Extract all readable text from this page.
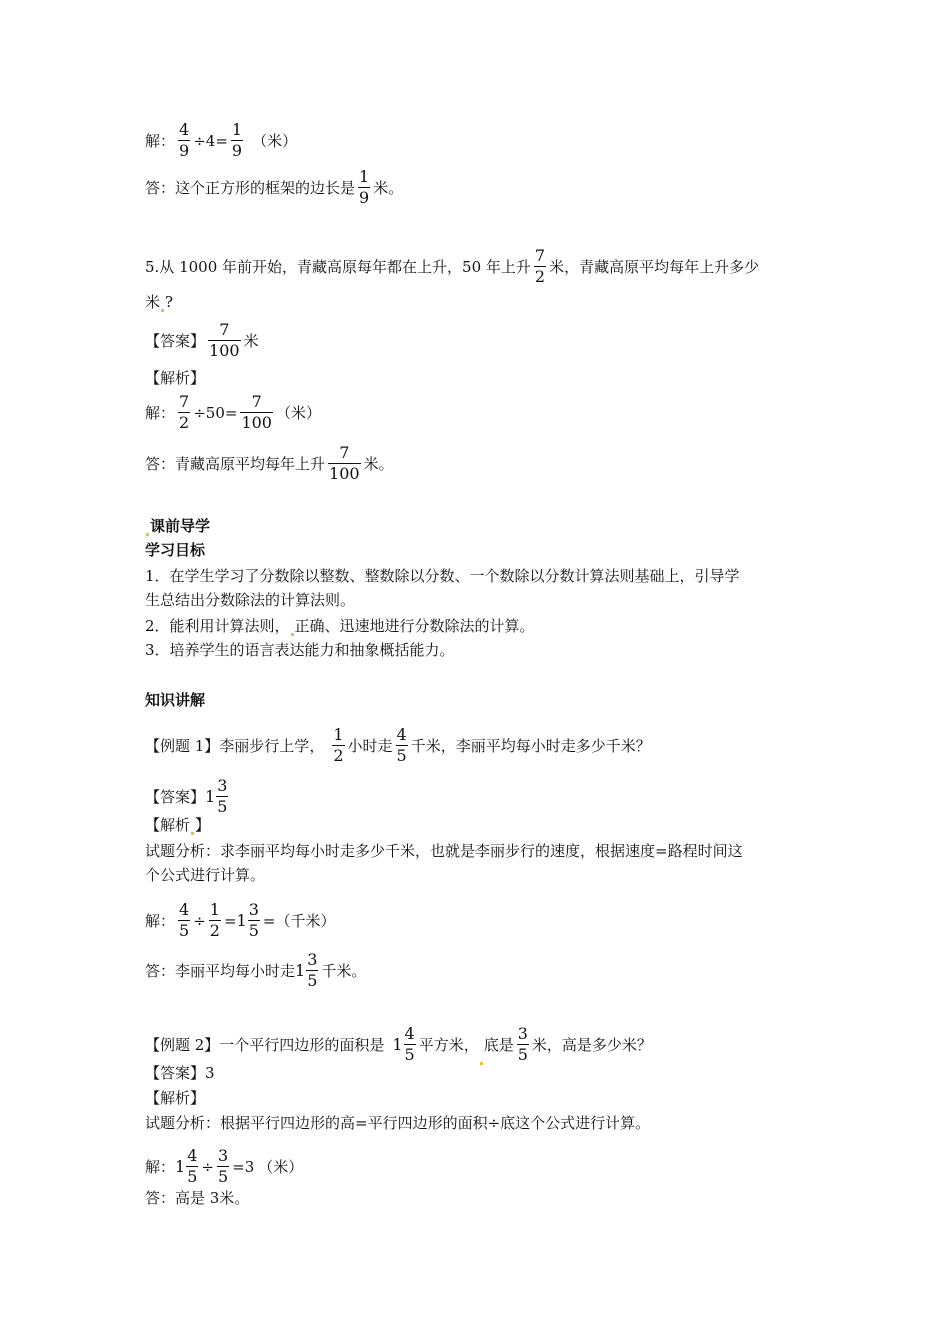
解： $\frac{4}{9} \div 4= \frac{1}{9}$ （米）
答：这个正方形的框架的边长是 $\frac{1}{9}$ 米。
5.从 1000 年前开始，青藏高原每年都在上升，50 年上升 $\frac{7}{2}$ 米，青藏高原平均每年上升多少
米 ?
【答案】 $\frac{7}{100}$ 米
【解析】
解： $\frac{7}{2} \div 50= \frac{7}{100}$ （米）
答：青藏高原平均每年上升 $\frac{7}{100}$ 米。
课前导学
学习目标
1．在学生学习了分数除以整数、整数除以分数、一个数除以分数计算法则基础上，引导学
生总结出分数除法的计算法则。
2．能利用计算法则， 正确、迅速地进行分数除法的计算。
3．培养学生的语言表达能力和抽象概括能力。
知识讲解
【例题 1】李丽步行上学， $\frac{1}{2}$ 小时走 $\frac{4}{5}$ 千米，李丽平均每小时走多少千米？
【答案】 $1 \frac{3}{5}$
【解析 】
试题分析：求李丽平均每小时走多少千米，也就是李丽步行的速度，根据速度=路程时间这
个公式进行计算。
解： $\frac{4}{5} \div \frac{1}{2} = 1 \frac{3}{5}$ =（千米）
答：李丽平均每小时走 $1 \frac{3}{5}$ 千米。
【例题 2】一个平行四边形的面积是 $1 \frac{4}{5}$ 平方米， 底是 $\frac{3}{5}$ 米，高是多少米？
【答案】 3
【解析】
试题分析：根据平行四边形的高=平行四边形的面积÷底这个公式进行计算。
解： $1 \frac{4}{5} \div \frac{3}{5} =3$ （米）
答：高是 3米。
